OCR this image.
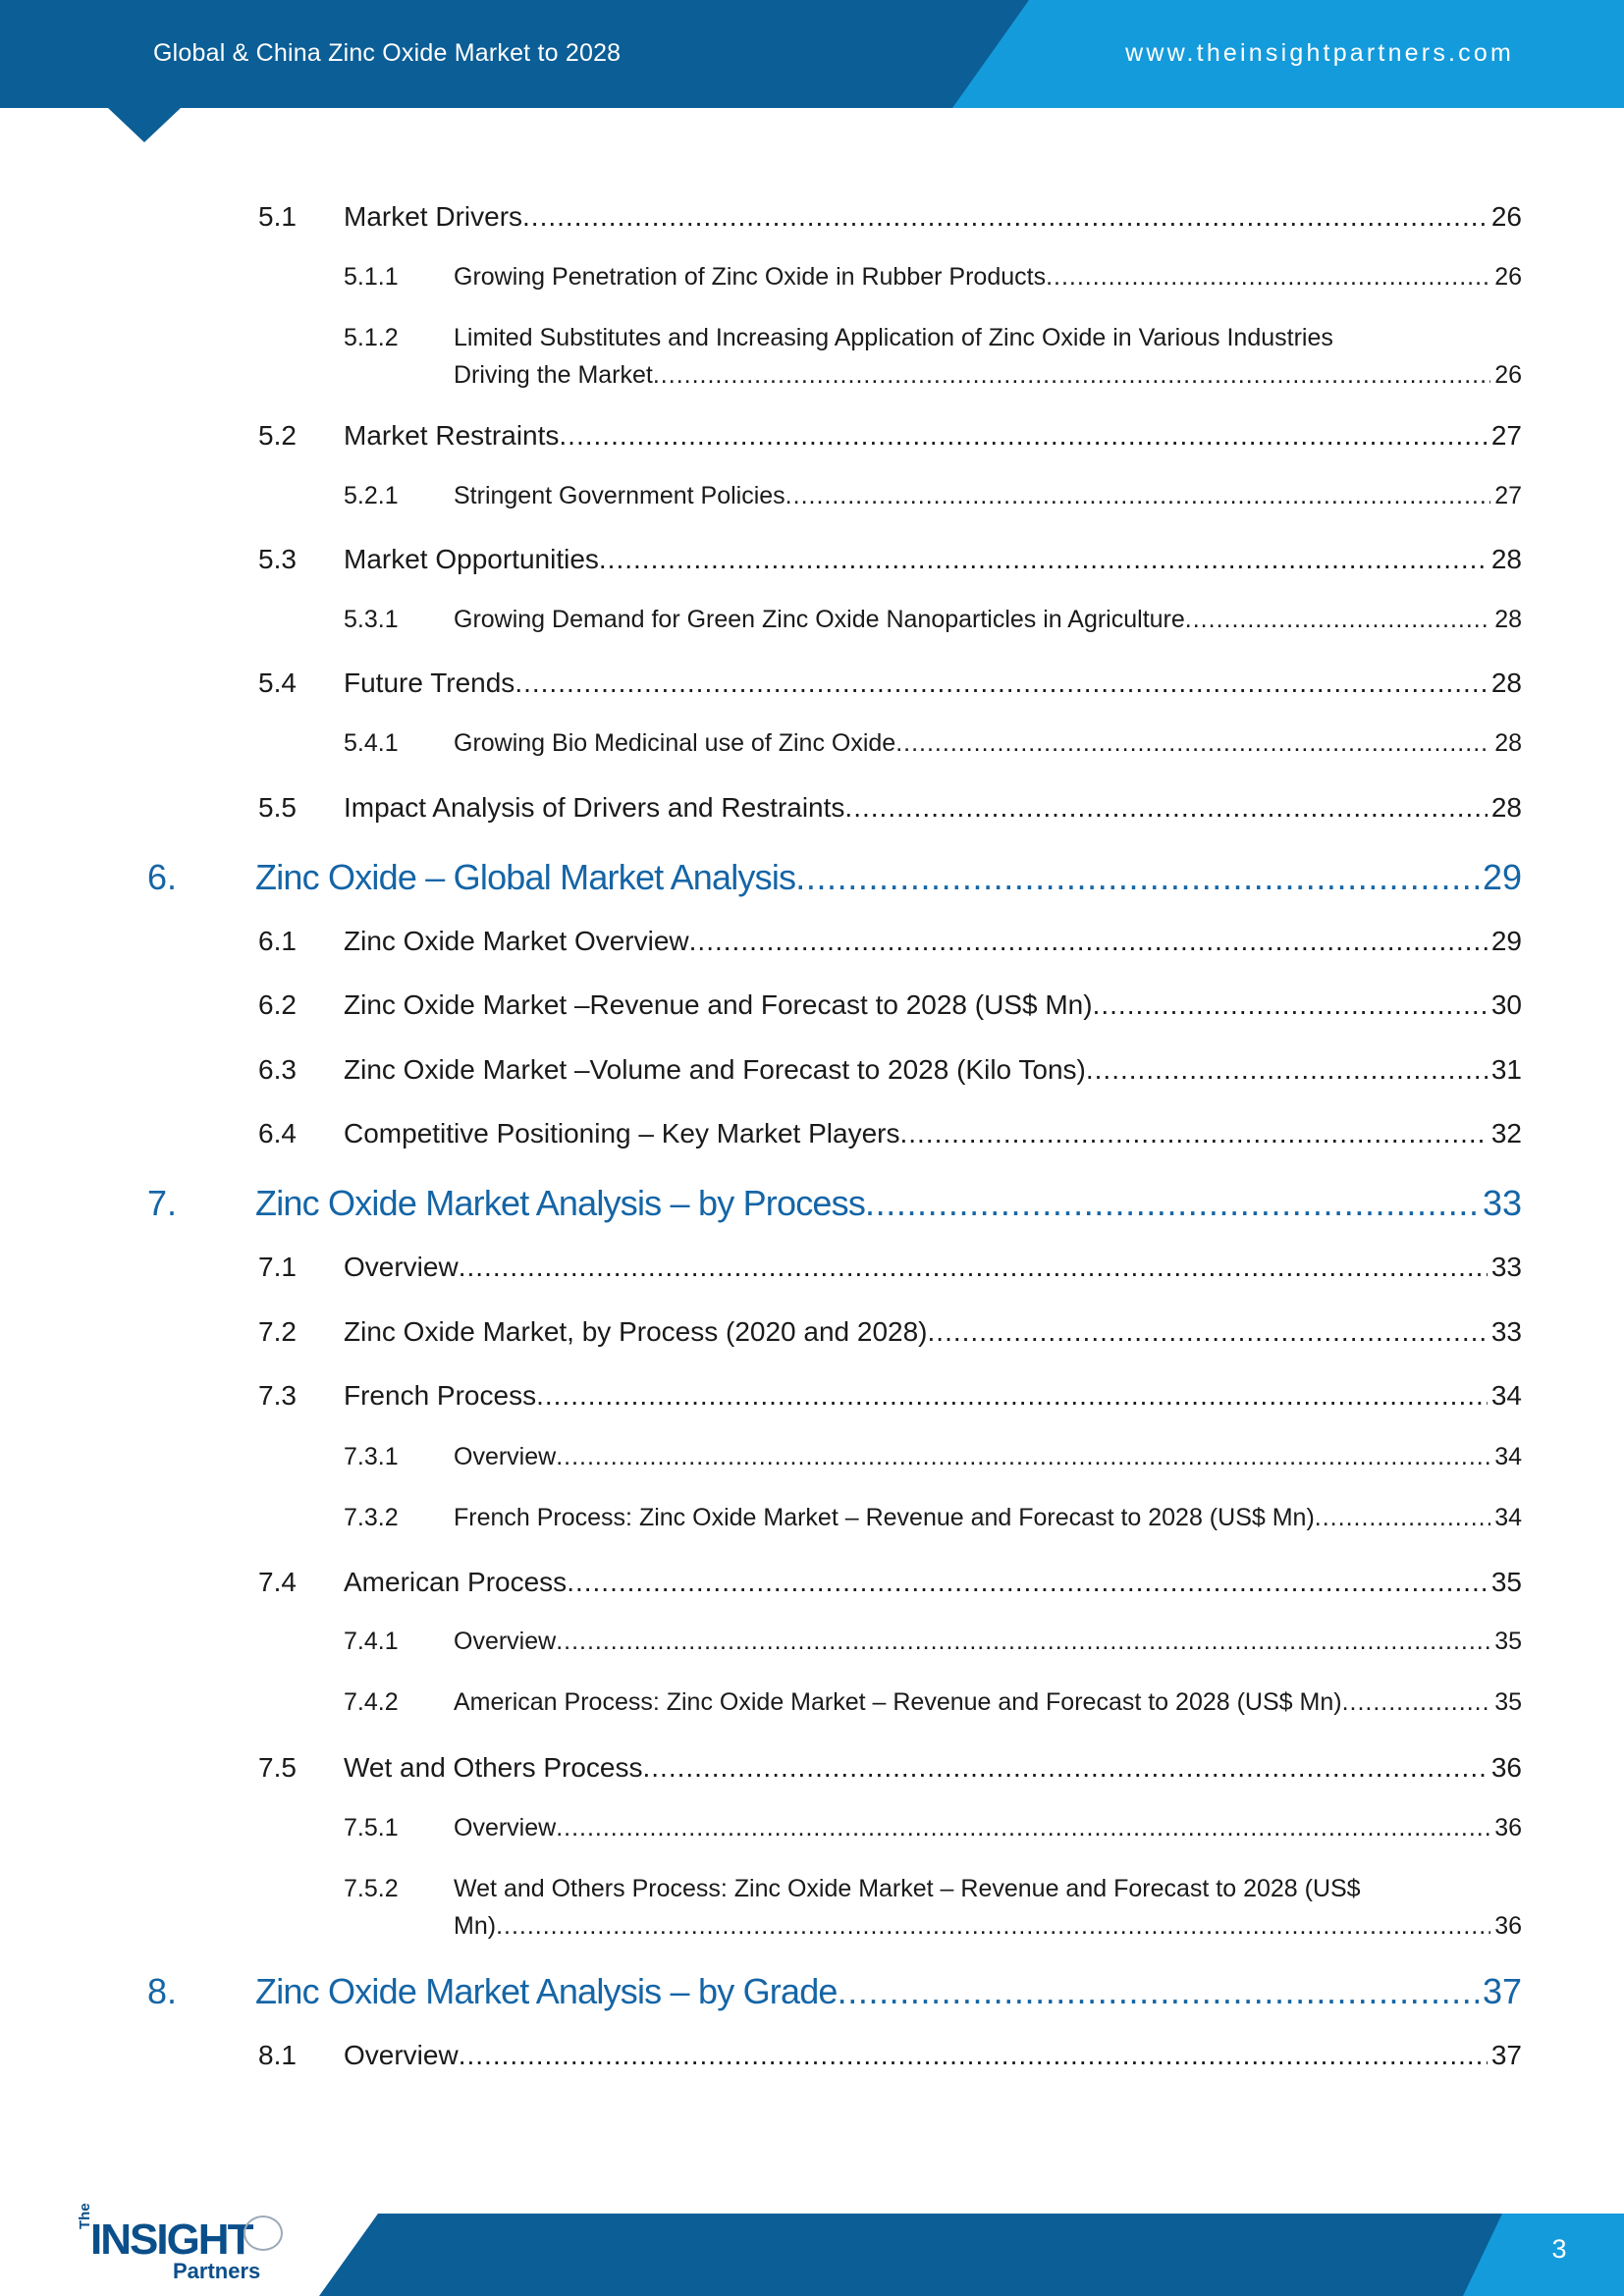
Global & China Zinc Oxide Market to 2028	www.theinsightpartners.com
5.1 Market Drivers .....	26
5.1.1 Growing Penetration of Zinc Oxide in Rubber Products .....	26
5.1.2 Limited Substitutes and Increasing Application of Zinc Oxide in Various Industries
Driving the Market .....	26
5.2 Market Restraints .....	27
5.2.1 Stringent Government Policies .....	27
5.3 Market Opportunities .....	28
5.3.1 Growing Demand for Green Zinc Oxide Nanoparticles in Agriculture .....	28
5.4 Future Trends .....	28
5.4.1 Growing Bio Medicinal use of Zinc Oxide .....	28
5.5 Impact Analysis of Drivers and Restraints .....	28
6. Zinc Oxide – Global Market Analysis .....	29
6.1 Zinc Oxide Market Overview .....	29
6.2 Zinc Oxide Market –Revenue and Forecast to 2028 (US$ Mn) .....	30
6.3 Zinc Oxide Market –Volume and Forecast to 2028 (Kilo Tons) .....	31
6.4 Competitive Positioning – Key Market Players .....	32
7. Zinc Oxide Market Analysis – by Process .....	33
7.1 Overview .....	33
7.2 Zinc Oxide Market, by Process (2020 and 2028) .....	33
7.3 French Process .....	34
7.3.1 Overview .....	34
7.3.2 French Process: Zinc Oxide Market – Revenue and Forecast to 2028 (US$ Mn) .....	34
7.4 American Process .....	35
7.4.1 Overview .....	35
7.4.2 American Process: Zinc Oxide Market – Revenue and Forecast to 2028 (US$ Mn) .....	35
7.5 Wet and Others Process .....	36
7.5.1 Overview .....	36
7.5.2 Wet and Others Process: Zinc Oxide Market – Revenue and Forecast to 2028 (US$
Mn) .....	36
8. Zinc Oxide Market Analysis – by Grade .....	37
8.1 Overview .....	37
The
INSIGHT
Partners
3
